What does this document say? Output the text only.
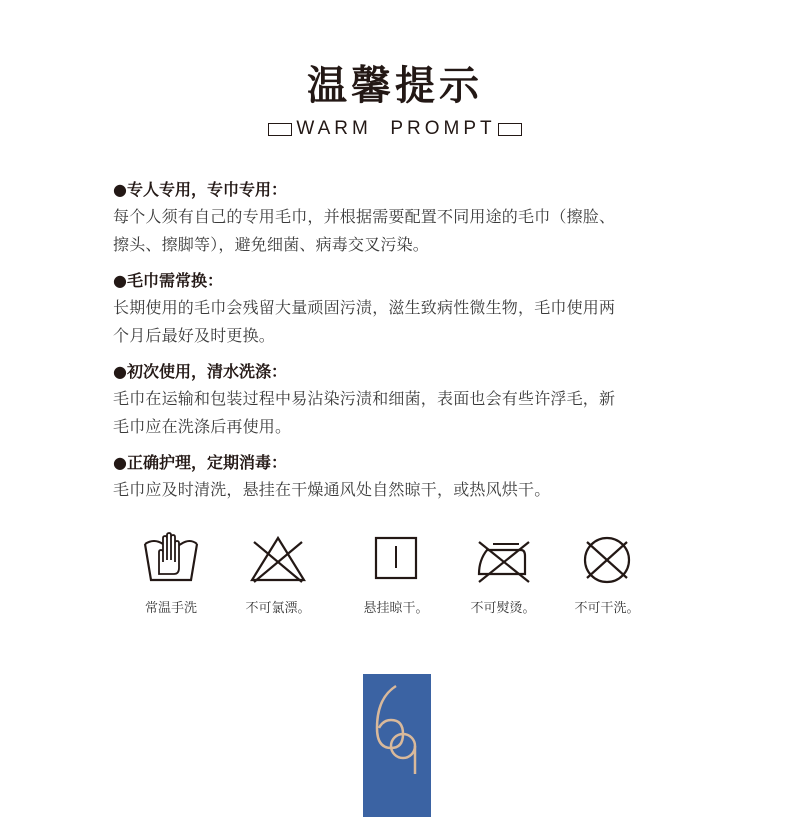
温馨提示
WARM  PROMPT
●专人专用，专巾专用：
每个人须有自己的专用毛巾，并根据需要配置不同用途的毛巾（擦脸、
擦头、擦脚等），避免细菌、病毒交叉污染。
●毛巾需常换：
长期使用的毛巾会残留大量顽固污渍，滋生致病性微生物，毛巾使用两
个月后最好及时更换。
●初次使用，清水洗涤：
毛巾在运输和包装过程中易沾染污渍和细菌，表面也会有些许浮毛，新
毛巾应在洗涤后再使用。
●正确护理，定期消毒：
毛巾应及时清洗，悬挂在干燥通风处自然晾干，或热风烘干。
常温手洗	不可氯漂。	悬挂晾干。	不可熨烫。	不可干洗。
